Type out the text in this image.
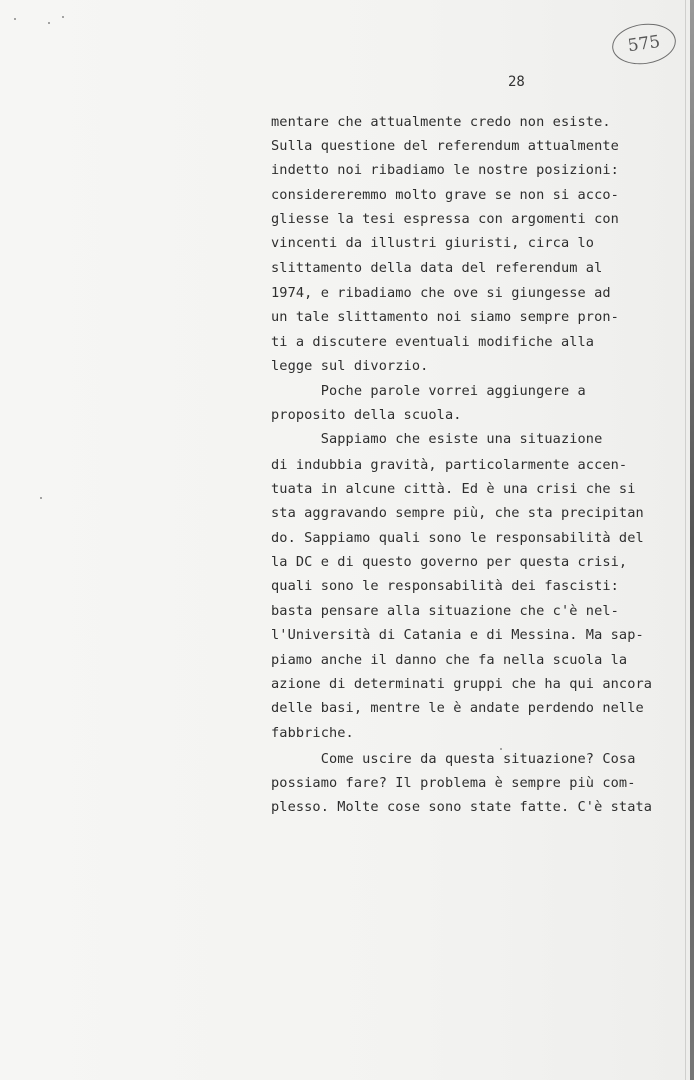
575
28
mentare che attualmente credo non esiste.
Sulla questione del referendum attualmente
indetto noi ribadiamo le nostre posizioni:
considereremmo molto grave se non si acco-
gliesse la tesi espressa con argomenti con
vincenti da illustri giuristi, circa lo
slittamento della data del referendum al
1974, e ribadiamo che ove si giungesse ad
un tale slittamento noi siamo sempre pron-
ti a discutere eventuali modifiche alla
legge sul divorzio.
Poche parole vorrei aggiungere a
proposito della scuola.
Sappiamo che esiste una situazione
di indubbia gravità, particolarmente accen-
tuata in alcune città. Ed è una crisi che si
sta aggravando sempre più, che sta precipitan
do. Sappiamo quali sono le responsabilità del
la DC e di questo governo per questa crisi,
quali sono le responsabilità dei fascisti:
basta pensare alla situazione che c'è nel-
l'Università di Catania e di Messina. Ma sap-
piamo anche il danno che fa nella scuola la
azione di determinati gruppi che ha qui ancora
delle basi, mentre le è andate perdendo nelle
fabbriche.
Come uscire da questa situazione? Cosa
possiamo fare? Il problema è sempre più com-
plesso. Molte cose sono state fatte. C'è stata
